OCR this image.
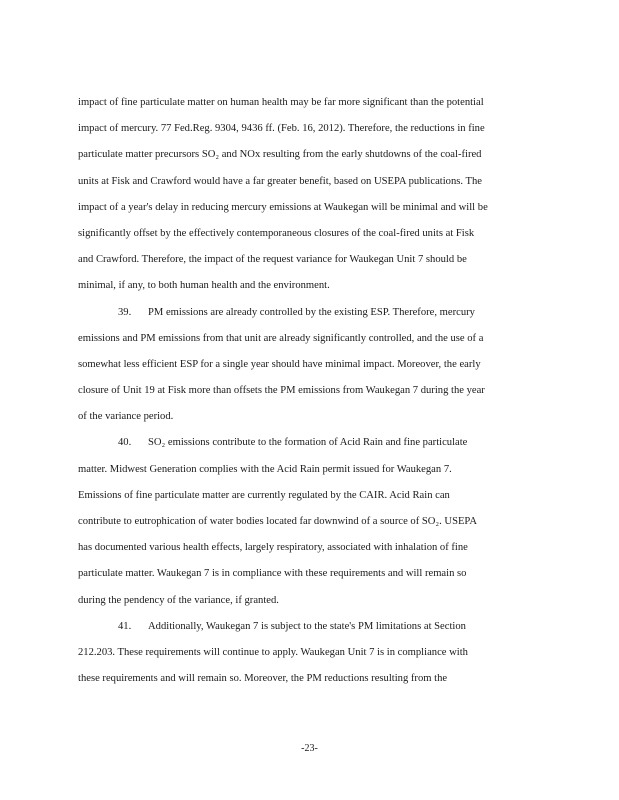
impact of fine particulate matter on human health may be far more significant than the potential
impact of mercury. 77 Fed.Reg. 9304, 9436 ff. (Feb. 16, 2012). Therefore, the reductions in fine
particulate matter precursors SO₂ and NOx resulting from the early shutdowns of the coal-fired
units at Fisk and Crawford would have a far greater benefit, based on USEPA publications. The
impact of a year's delay in reducing mercury emissions at Waukegan will be minimal and will be
significantly offset by the effectively contemporaneous closures of the coal-fired units at Fisk
and Crawford. Therefore, the impact of the request variance for Waukegan Unit 7 should be
minimal, if any, to both human health and the environment.
39. PM emissions are already controlled by the existing ESP. Therefore, mercury
emissions and PM emissions from that unit are already significantly controlled, and the use of a
somewhat less efficient ESP for a single year should have minimal impact. Moreover, the early
closure of Unit 19 at Fisk more than offsets the PM emissions from Waukegan 7 during the year
of the variance period.
40. SO₂ emissions contribute to the formation of Acid Rain and fine particulate
matter. Midwest Generation complies with the Acid Rain permit issued for Waukegan 7.
Emissions of fine particulate matter are currently regulated by the CAIR. Acid Rain can
contribute to eutrophication of water bodies located far downwind of a source of SO₂. USEPA
has documented various health effects, largely respiratory, associated with inhalation of fine
particulate matter. Waukegan 7 is in compliance with these requirements and will remain so
during the pendency of the variance, if granted.
41. Additionally, Waukegan 7 is subject to the state's PM limitations at Section
212.203. These requirements will continue to apply. Waukegan Unit 7 is in compliance with
these requirements and will remain so. Moreover, the PM reductions resulting from the
-23-
